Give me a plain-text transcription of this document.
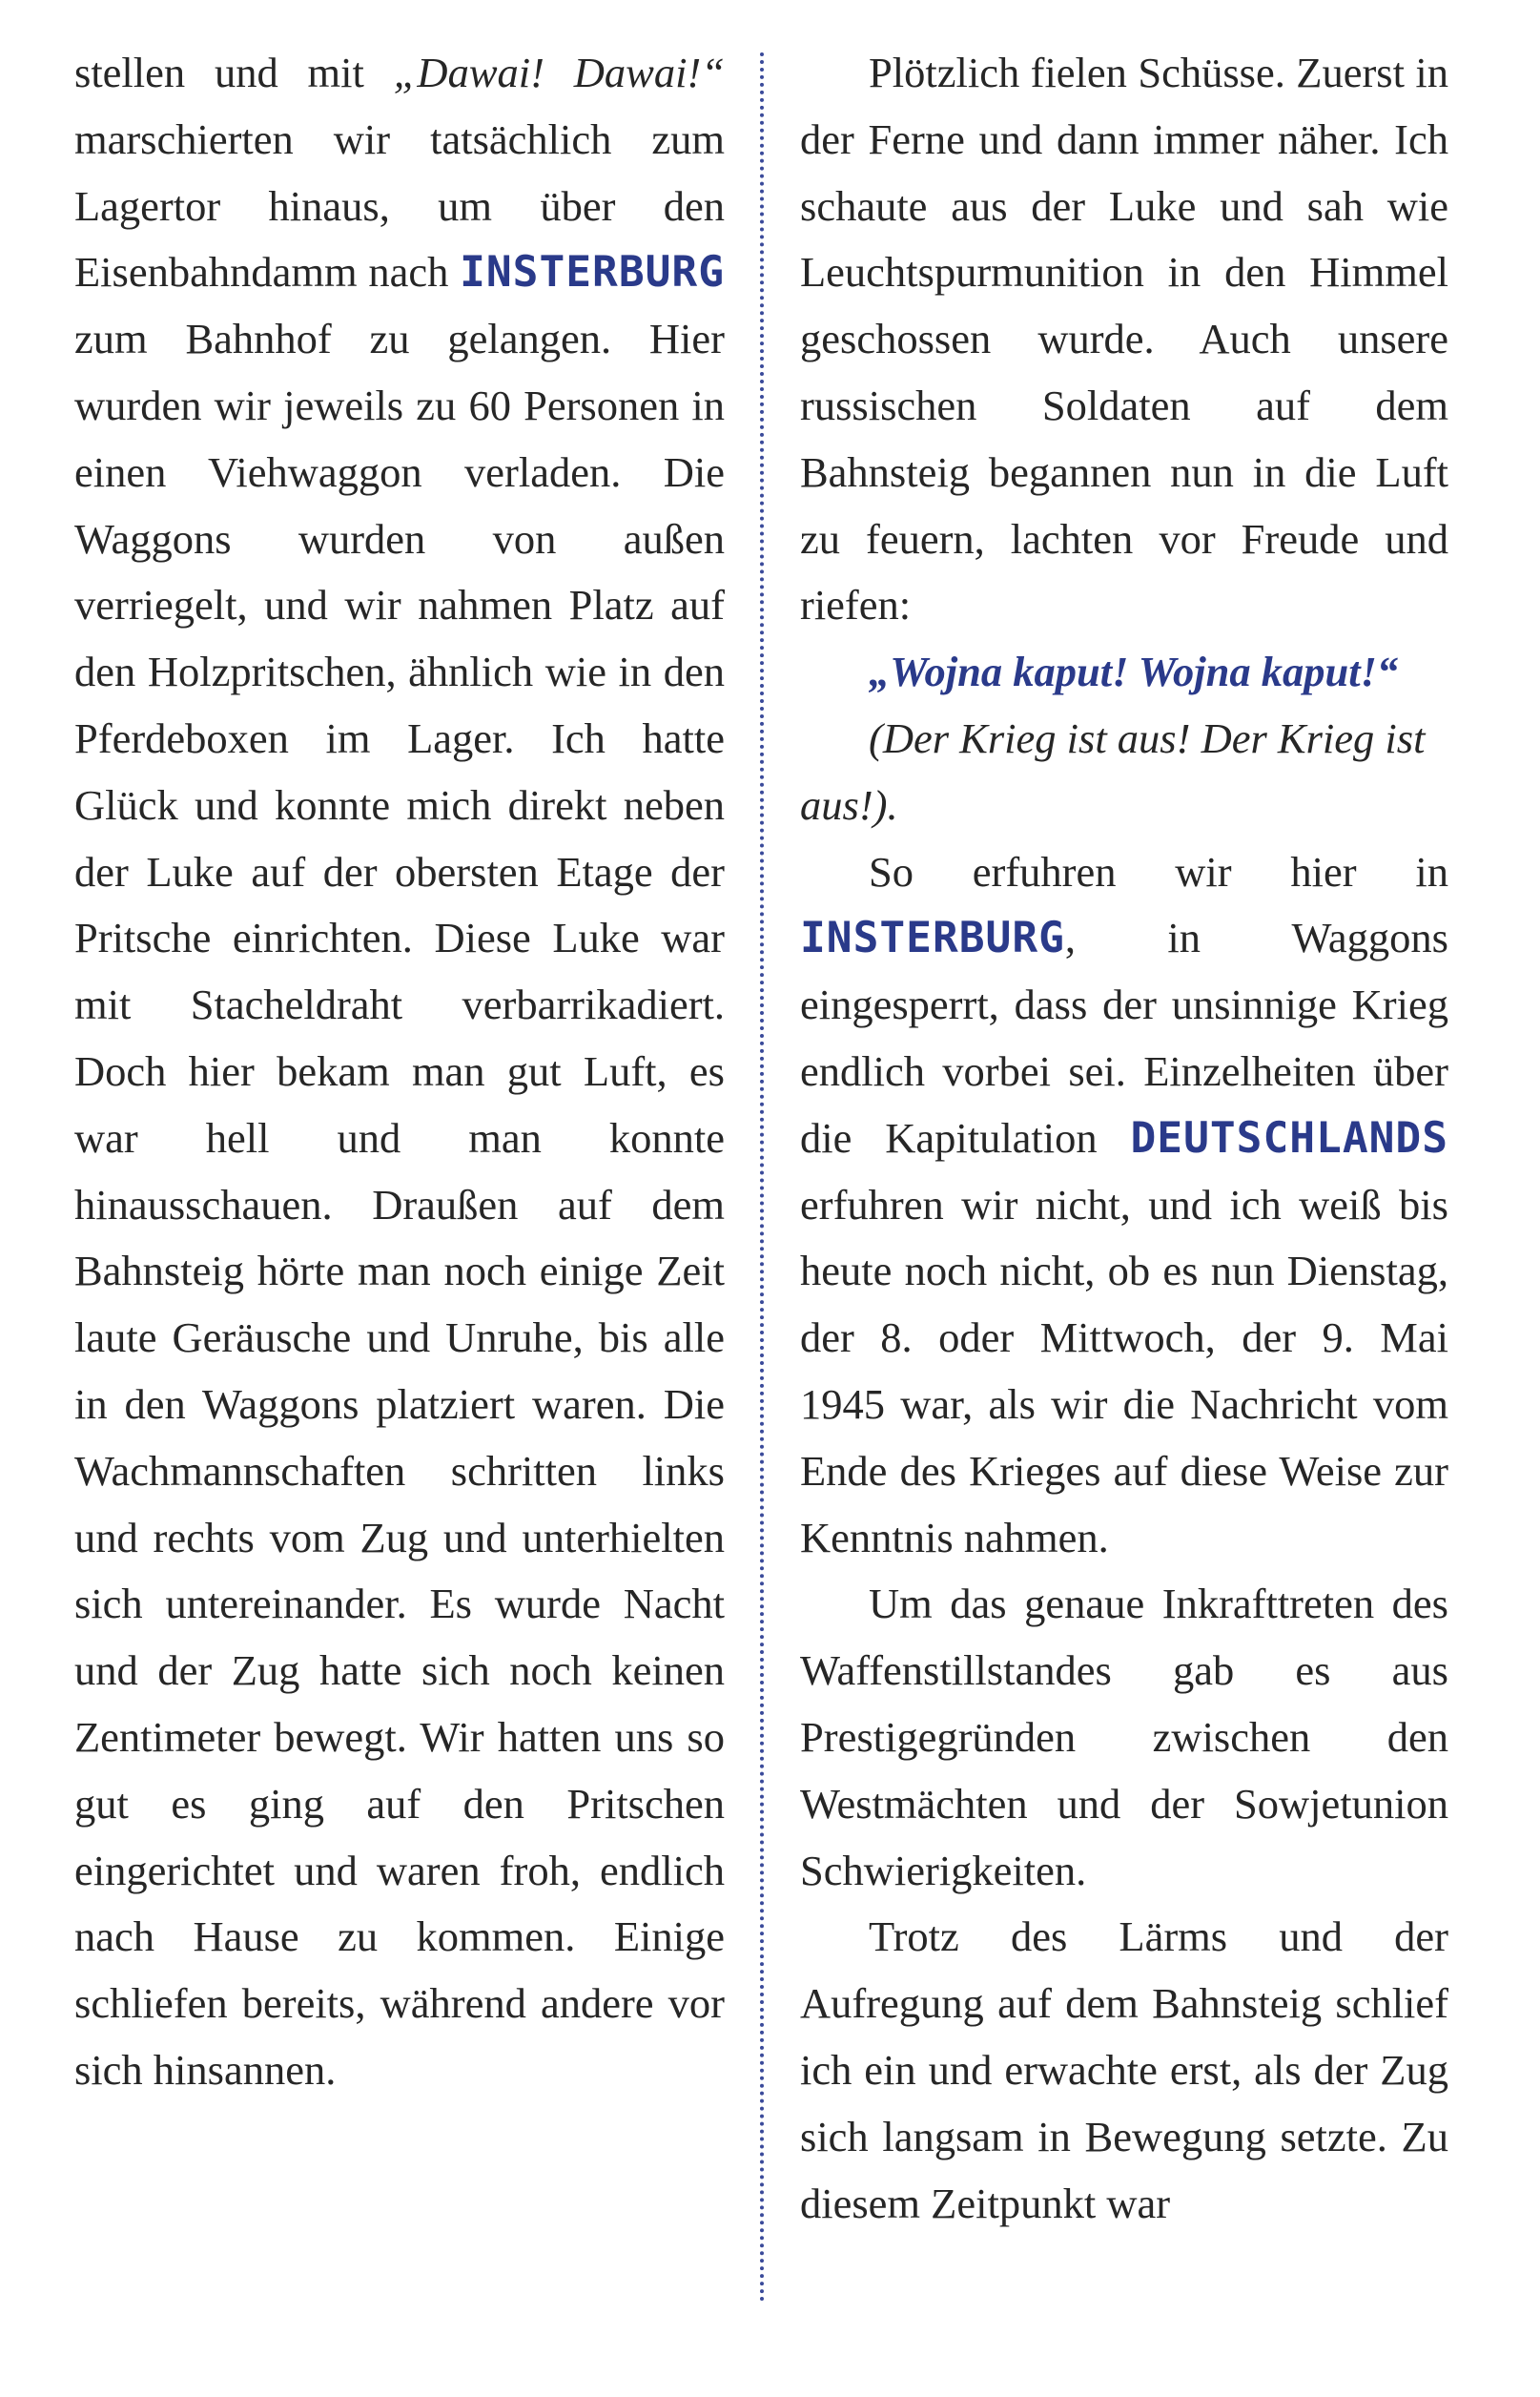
stellen und mit „Dawai! Dawai!“ marschierten wir tatsächlich zum Lagertor hinaus, um über den Eisenbahndamm nach INSTERBURG zum Bahnhof zu gelangen. Hier wurden wir jeweils zu 60 Personen in einen Viehwaggon verladen. Die Waggons wurden von außen verriegelt, und wir nahmen Platz auf den Holzpritschen, ähnlich wie in den Pferdeboxen im Lager. Ich hatte Glück und konnte mich direkt neben der Luke auf der obersten Etage der Pritsche einrichten. Diese Luke war mit Stacheldraht verbarrikadiert. Doch hier bekam man gut Luft, es war hell und man konnte hinausschauen. Draußen auf dem Bahnsteig hörte man noch einige Zeit laute Geräusche und Unruhe, bis alle in den Waggons platziert waren. Die Wachmannschaften schritten links und rechts vom Zug und unterhielten sich untereinander. Es wurde Nacht und der Zug hatte sich noch keinen Zentimeter bewegt. Wir hatten uns so gut es ging auf den Pritschen eingerichtet und waren froh, endlich nach Hause zu kommen. Einige schliefen bereits, während andere vor sich hinsannen.

Plötzlich fielen Schüsse. Zuerst in der Ferne und dann immer näher. Ich schaute aus der Luke und sah wie Leuchtspurmunition in den Himmel geschossen wurde. Auch unsere russischen Soldaten auf dem Bahnsteig begannen nun in die Luft zu feuern, lachten vor Freude und riefen:
„Wojna kaput! Wojna kaput!“
(Der Krieg ist aus! Der Krieg ist aus!).

So erfuhren wir hier in INSTERBURG, in Waggons eingesperrt, dass der unsinnige Krieg endlich vorbei sei. Einzelheiten über die Kapitulation DEUTSCHLANDS erfuhren wir nicht, und ich weiß bis heute noch nicht, ob es nun Dienstag, der 8. oder Mittwoch, der 9. Mai 1945 war, als wir die Nachricht vom Ende des Krieges auf diese Weise zur Kenntnis nahmen.

Um das genaue Inkrafttreten des Waffenstillstandes gab es aus Prestigegründen zwischen den Westmächten und der Sowjetunion Schwierigkeiten.

Trotz des Lärms und der Aufregung auf dem Bahnsteig schlief ich ein und erwachte erst, als der Zug sich langsam in Bewegung setzte. Zu diesem Zeitpunkt war
